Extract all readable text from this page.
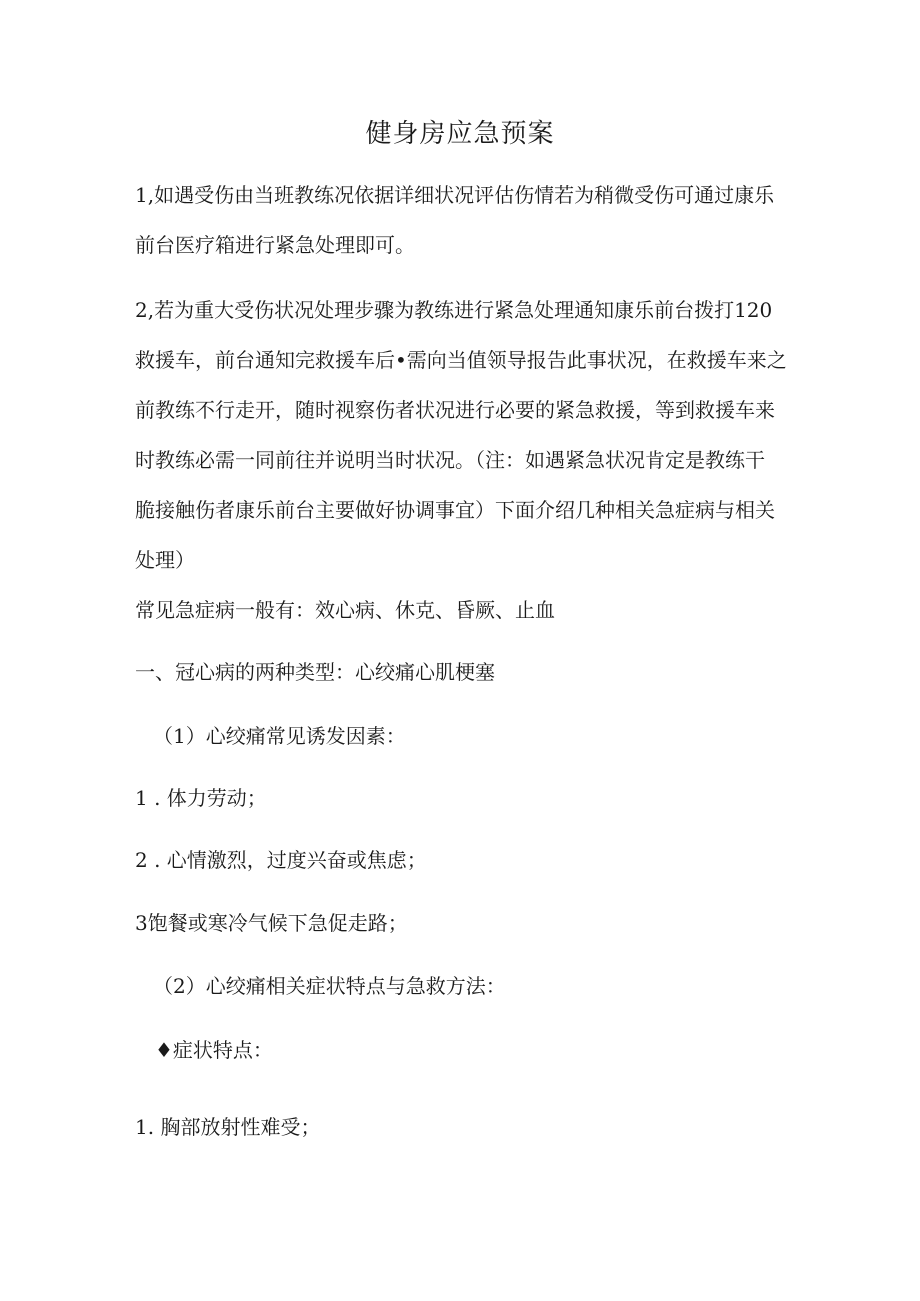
健身房应急预案
1,如遇受伤由当班教练况依据详细状况评估伤情若为稍微受伤可通过康乐
前台医疗箱进行紧急处理即可。
2,若为重大受伤状况处理步骤为教练进行紧急处理通知康乐前台拨打120
救援车，前台通知完救援车后•需向当值领导报告此事状况，在救援车来之
前教练不行走开，随时视察伤者状况进行必要的紧急救援，等到救援车来
时教练必需一同前往并说明当时状况。（注：如遇紧急状况肯定是教练干
脆接触伤者康乐前台主要做好协调事宜）下面介绍几种相关急症病与相关
处理）
常见急症病一般有：效心病、休克、昏厥、止血
一、冠心病的两种类型：心绞痛心肌梗塞
（1）心绞痛常见诱发因素：
1 . 体力劳动；
2 . 心情激烈，过度兴奋或焦虑；
3饱餐或寒冷气候下急促走路；
（2）心绞痛相关症状特点与急救方法：
♦症状特点：
1. 胸部放射性难受；
